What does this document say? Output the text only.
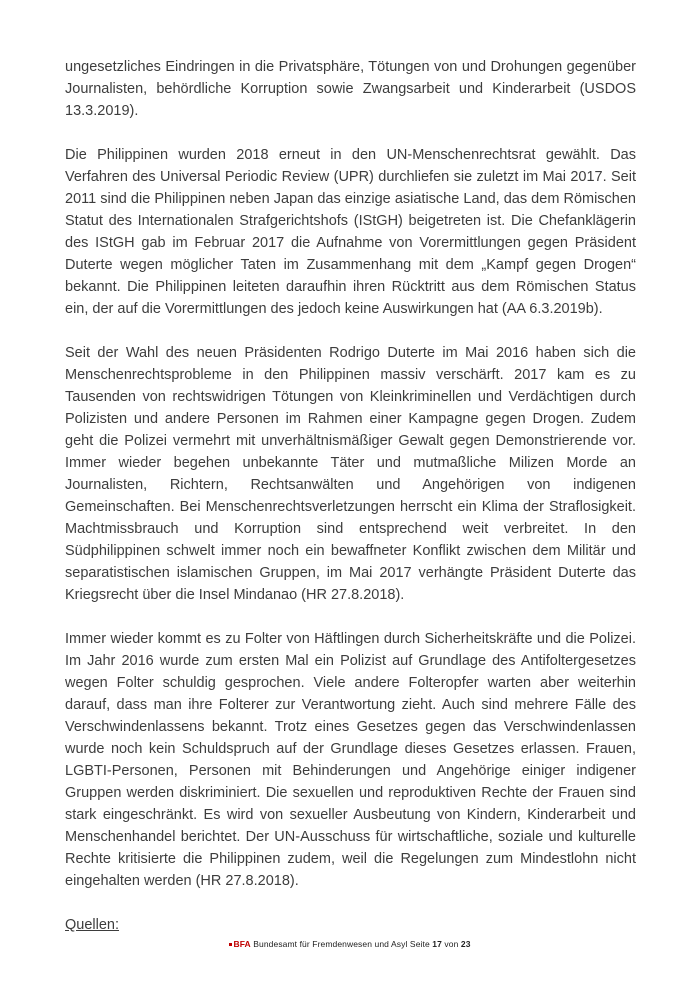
ungesetzliches Eindringen in die Privatsphäre, Tötungen von und Drohungen gegenüber Journalisten, behördliche Korruption sowie Zwangsarbeit und Kinderarbeit (USDOS 13.3.2019).

Die Philippinen wurden 2018 erneut in den UN-Menschenrechtsrat gewählt. Das Verfahren des Universal Periodic Review (UPR) durchliefen sie zuletzt im Mai 2017. Seit 2011 sind die Philippinen neben Japan das einzige asiatische Land, das dem Römischen Statut des Internationalen Strafgerichtshofs (IStGH) beigetreten ist. Die Chefanklägerin des IStGH gab im Februar 2017 die Aufnahme von Vorermittlungen gegen Präsident Duterte wegen möglicher Taten im Zusammenhang mit dem „Kampf gegen Drogen“ bekannt. Die Philippinen leiteten daraufhin ihren Rücktritt aus dem Römischen Status ein, der auf die Vorermittlungen des jedoch keine Auswirkungen hat (AA 6.3.2019b).

Seit der Wahl des neuen Präsidenten Rodrigo Duterte im Mai 2016 haben sich die Menschenrechtsprobleme in den Philippinen massiv verschärft. 2017 kam es zu Tausenden von rechtswidrigen Tötungen von Kleinkriminellen und Verdächtigen durch Polizisten und andere Personen im Rahmen einer Kampagne gegen Drogen. Zudem geht die Polizei vermehrt mit unverhältnismäßiger Gewalt gegen Demonstrierende vor. Immer wieder begehen unbekannte Täter und mutmaßliche Milizen Morde an Journalisten, Richtern, Rechtsanwälten und Angehörigen von indigenen Gemeinschaften. Bei Menschenrechtsverletzungen herrscht ein Klima der Straflosigkeit. Machtmissbrauch und Korruption sind entsprechend weit verbreitet. In den Südphilippinen schwelt immer noch ein bewaffneter Konflikt zwischen dem Militär und separatistischen islamischen Gruppen, im Mai 2017 verhängte Präsident Duterte das Kriegsrecht über die Insel Mindanao (HR 27.8.2018).

Immer wieder kommt es zu Folter von Häftlingen durch Sicherheitskräfte und die Polizei. Im Jahr 2016 wurde zum ersten Mal ein Polizist auf Grundlage des Antifoltergesetzes wegen Folter schuldig gesprochen. Viele andere Folteropfer warten aber weiterhin darauf, dass man ihre Folterer zur Verantwortung zieht. Auch sind mehrere Fälle des Verschwindenlassens bekannt. Trotz eines Gesetzes gegen das Verschwindenlassen wurde noch kein Schuldspruch auf der Grundlage dieses Gesetzes erlassen. Frauen, LGBTI-Personen, Personen mit Behinderungen und Angehörige einiger indigener Gruppen werden diskriminiert. Die sexuellen und reproduktiven Rechte der Frauen sind stark eingeschränkt. Es wird von sexueller Ausbeutung von Kindern, Kinderarbeit und Menschenhandel berichtet. Der UN-Ausschuss für wirtschaftliche, soziale und kulturelle Rechte kritisierte die Philippinen zudem, weil die Regelungen zum Mindestlohn nicht eingehalten werden (HR 27.8.2018).

Quellen:
BFA Bundesamt für Fremdenwesen und Asyl Seite 17 von 23
